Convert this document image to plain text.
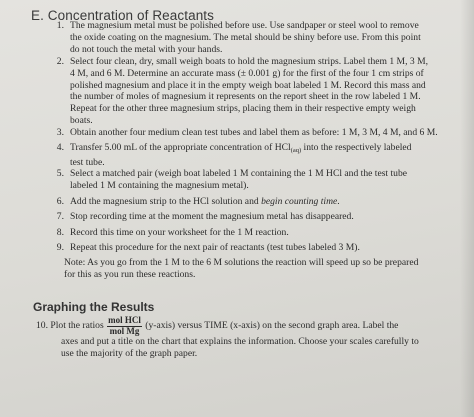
E. Concentration of Reactants
1. The magnesium metal must be polished before use. Use sandpaper or steel wool to remove
the oxide coating on the magnesium. The metal should be shiny before use. From this point
do not touch the metal with your hands.
2. Select four clean, dry, small weigh boats to hold the magnesium strips. Label them 1 M, 3 M,
4 M, and 6 M. Determine an accurate mass (± 0.001 g) for the first of the four 1 cm strips of
polished magnesium and place it in the empty weigh boat labeled 1 M. Record this mass and
the number of moles of magnesium it represents on the report sheet in the row labeled 1 M.
Repeat for the other three magnesium strips, placing them in their respective empty weigh
boats.
3. Obtain another four medium clean test tubes and label them as before: 1 M, 3 M, 4 M, and 6 M.
4. Transfer 5.00 mL of the appropriate concentration of HCl$_{(aq)}$ into the respectively labeled
test tube.
5. Select a matched pair (weigh boat labeled 1 M containing the 1 M HCl and the test tube
labeled 1 M containing the magnesium metal).
6. Add the magnesium strip to the HCl solution and begin counting time.
7. Stop recording time at the moment the magnesium metal has disappeared.
8. Record this time on your worksheet for the 1 M reaction.
9. Repeat this procedure for the next pair of reactants (test tubes labeled 3 M).
Note: As you go from the 1 M to the 6 M solutions the reaction will speed up so be prepared
for this as you run these reactions.
Graphing the Results
10. Plot the ratios $\frac{\text{mol HCl}}{\text{mol Mg}}$ (y-axis) versus TIME (x-axis) on the second graph area. Label the
axes and put a title on the chart that explains the information. Choose your scales carefully to
use the majority of the graph paper.
